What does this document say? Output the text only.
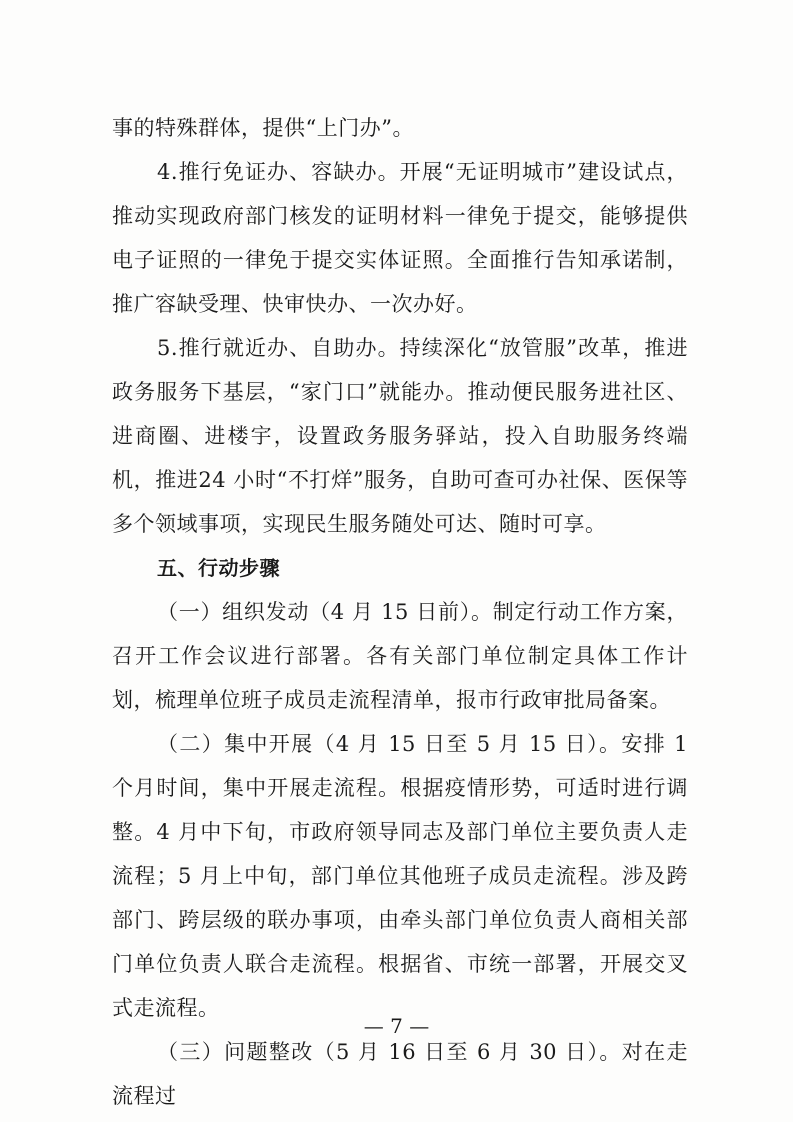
事的特殊群体，提供“上门办”。

4.推行免证办、容缺办。开展“无证明城市”建设试点，推动实现政府部门核发的证明材料一律免于提交，能够提供电子证照的一律免于提交实体证照。全面推行告知承诺制，推广容缺受理、快审快办、一次办好。

5.推行就近办、自助办。持续深化“放管服”改革，推进政务服务下基层，“家门口”就能办。推动便民服务进社区、进商圈、进楼宇，设置政务服务驿站，投入自助服务终端机，推进24 小时“不打烊”服务，自助可查可办社保、医保等多个领域事项，实现民生服务随处可达、随时可享。

五、行动步骤

（一）组织发动（4 月 15 日前）。制定行动工作方案，召开工作会议进行部署。各有关部门单位制定具体工作计划，梳理单位班子成员走流程清单，报市行政审批局备案。

（二）集中开展（4 月 15 日至 5 月 15 日）。安排 1 个月时间，集中开展走流程。根据疫情形势，可适时进行调整。4 月中下旬，市政府领导同志及部门单位主要负责人走流程；5 月上中旬，部门单位其他班子成员走流程。涉及跨部门、跨层级的联办事项，由牵头部门单位负责人商相关部门单位负责人联合走流程。根据省、市统一部署，开展交叉式走流程。

（三）问题整改（5 月 16 日至 6 月 30 日）。对在走流程过

— 7 —
